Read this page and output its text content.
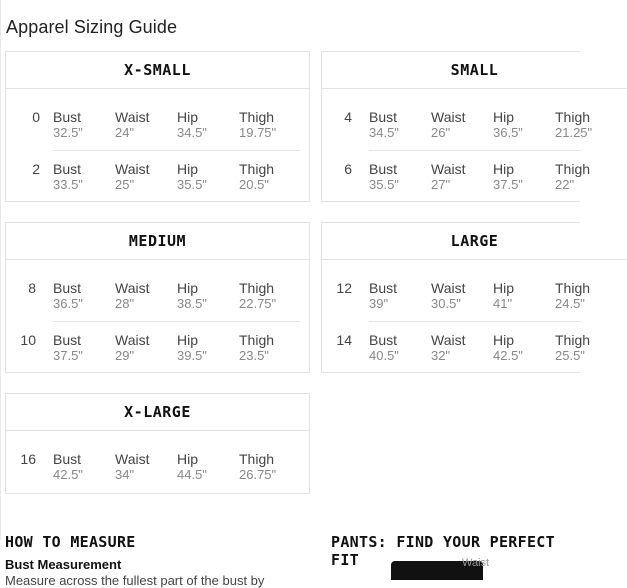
Apparel Sizing Guide
X-SMALL
0 Bust
32.5"
Waist
24"
Hip
34.5"
Thigh
19.75"
2 Bust
33.5"
Waist
25"
Hip
35.5"
Thigh
20.5"
SMALL
4 Bust
34.5"
Waist
26"
Hip
36.5"
Thigh
21.25"
6 Bust
35.5"
Waist
27"
Hip
37.5"
Thigh
22"
MEDIUM
8 Bust
36.5"
Waist
28"
Hip
38.5"
Thigh
22.75"
10 Bust
37.5"
Waist
29"
Hip
39.5"
Thigh
23.5"
LARGE
12 Bust
39"
Waist
30.5"
Hip
41"
Thigh
24.5"
14 Bust
40.5"
Waist
32"
Hip
42.5"
Thigh
25.5"
X-LARGE
16 Bust
42.5"
Waist
34"
Hip
44.5"
Thigh
26.75"
HOW TO MEASURE
Bust Measurement
Measure across the fullest part of the bust by
PANTS: FIND YOUR PERFECT FIT	Waist
